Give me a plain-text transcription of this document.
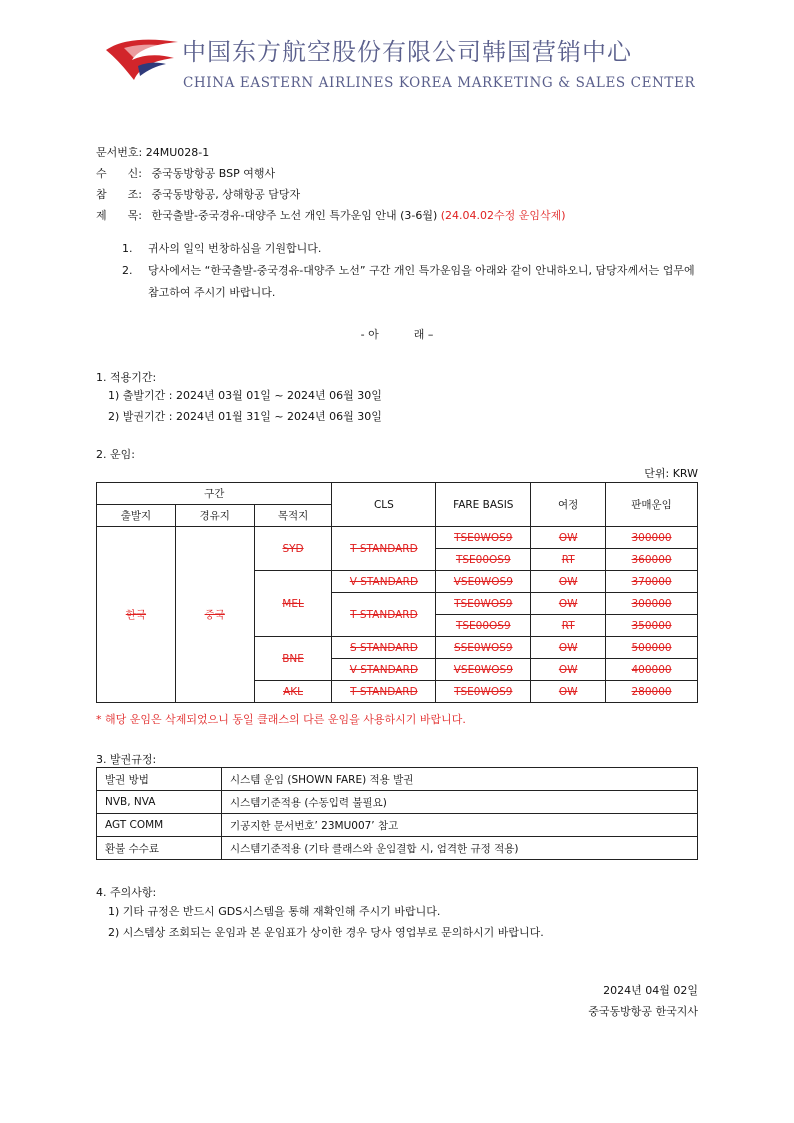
中国东方航空股份有限公司韩国营销中心
CHINA EASTERN AIRLINES KOREA MARKETING & SALES CENTER
문서번호:
24MU028-1
수      신:
중국동방항공 BSP 여행사
참      조:
중국동방항공, 상해항공 담당자
제      목:
한국출발-중국경유-대양주 노선 개인 특가운임 안내 (3-6월)
(24.04.02수정 운임삭제)
1.	귀사의 일익 번창하심을 기원합니다.
2.	당사에서는 “한국출발-중국경유-대양주 노선” 구간 개인 특가운임을 아래와 같이 안내하오니, 담당자께서는 업무에 참고하여 주시기 바랍니다.
- 아          래 –
1. 적용기간:
1) 출발기간 : 2024년 03월 01일 ~ 2024년 06월 30일
2) 발권기간 : 2024년 01월 31일 ~ 2024년 06월 30일
2. 운임:
단위: KRW
구간			CLS	FARE BASIS	여정	판매운임
출발지	경유지	목적지				
한국	중국	SYD	T STANDARD	TSE0WOS9	OW	300000
				TSE00OS9	RT	360000
		MEL	V STANDARD	VSE0WOS9	OW	370000
			T STANDARD	TSE0WOS9	OW	300000
				TSE00OS9	RT	350000
		BNE	S STANDARD	SSE0WOS9	OW	500000
			V STANDARD	VSE0WOS9	OW	400000
		AKL	T STANDARD	TSE0WOS9	OW	280000
* 해당 운임은 삭제되었으니 동일 클래스의 다른 운임을 사용하시기 바랍니다.
3. 발권규정:
발권 방법	시스템 운임 (SHOWN FARE) 적용 발권
NVB, NVA	시스템기준적용 (수동입력 불필요)
AGT COMM	기공지한 문서번호’ 23MU007’ 참고
환불 수수료	시스템기준적용 (기타 클래스와 운임결합 시, 엄격한 규정 적용)
4. 주의사항:
1) 기타 규정은 반드시 GDS시스템을 통해 재확인해 주시기 바랍니다.
2) 시스템상 조회되는 운임과 본 운임표가 상이한 경우 당사 영업부로 문의하시기 바랍니다.
2024년 04월 02일
중국동방항공 한국지사
